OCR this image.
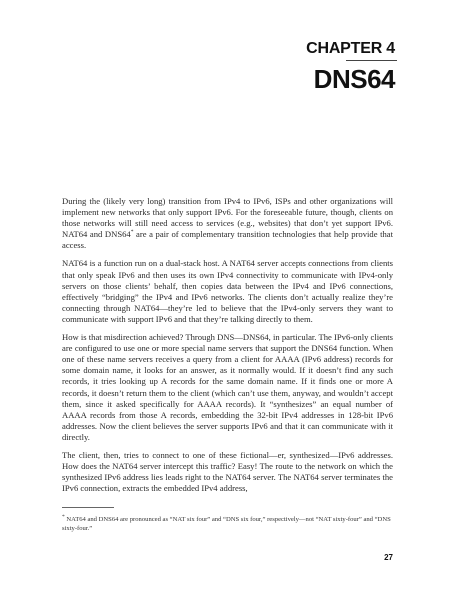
CHAPTER 4
DNS64

During the (likely very long) transition from IPv4 to IPv6, ISPs and other organizations will implement new networks that only support IPv6. For the foreseeable future, though, clients on those networks will still need access to services (e.g., websites) that don’t yet support IPv6. NAT64 and DNS64* are a pair of complementary transition technologies that help provide that access.

NAT64 is a function run on a dual-stack host. A NAT64 server accepts connections from clients that only speak IPv6 and then uses its own IPv4 connectivity to communicate with IPv4-only servers on those clients’ behalf, then copies data between the IPv4 and IPv6 connections, effectively “bridging” the IPv4 and IPv6 networks. The clients don’t actually realize they’re connecting through NAT64—they’re led to believe that the IPv4-only servers they want to communicate with support IPv6 and that they’re talking directly to them.

How is that misdirection achieved? Through DNS—DNS64, in particular. The IPv6-only clients are configured to use one or more special name servers that support the DNS64 function. When one of these name servers receives a query from a client for AAAA (IPv6 address) records for some domain name, it looks for an answer, as it normally would. If it doesn’t find any such records, it tries looking up A records for the same domain name. If it finds one or more A records, it doesn’t return them to the client (which can’t use them, anyway, and wouldn’t accept them, since it asked specifically for AAAA records). It “synthesizes” an equal number of AAAA records from those A records, embedding the 32-bit IPv4 addresses in 128-bit IPv6 addresses. Now the client believes the server supports IPv6 and that it can communicate with it directly.

The client, then, tries to connect to one of these fictional—er, synthesized—IPv6 addresses. How does the NAT64 server intercept this traffic? Easy! The route to the network on which the synthesized IPv6 address lies leads right to the NAT64 server. The NAT64 server terminates the IPv6 connection, extracts the embedded IPv4 address,

* NAT64 and DNS64 are pronounced as “NAT six four” and “DNS six four,” respectively—not “NAT sixty-four” and “DNS sixty-four.”
27
